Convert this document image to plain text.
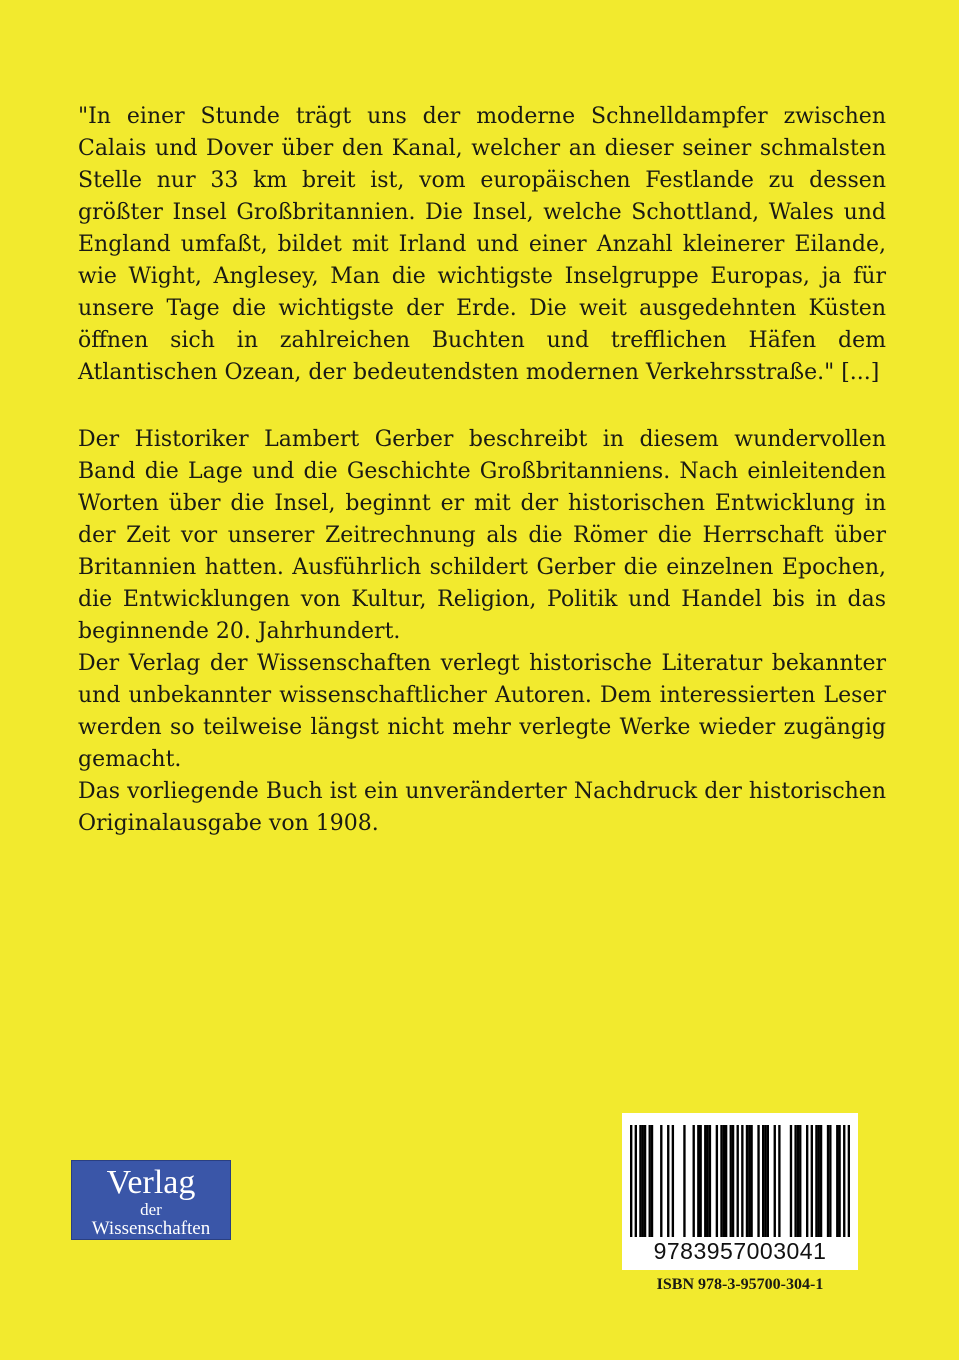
"In einer Stunde trägt uns der moderne Schnelldampfer zwischen Calais und Dover über den Kanal, welcher an dieser seiner schmalsten Stelle nur 33 km breit ist, vom europäischen Festlande zu dessen größter Insel Großbritannien. Die Insel, welche Schottland, Wales und England umfaßt, bildet mit Irland und einer Anzahl kleinerer Eilande, wie Wight, Anglesey, Man die wichtigste Inselgruppe Europas, ja für unsere Tage die wichtigste der Erde. Die weit ausgedehnten Küsten öffnen sich in zahlreichen Buchten und trefflichen Häfen dem Atlantischen Ozean, der bedeutendsten modernen Verkehrsstraße." [...]

Der Historiker Lambert Gerber beschreibt in diesem wundervollen Band die Lage und die Geschichte Großbritanniens. Nach einleitenden Worten über die Insel, beginnt er mit der historischen Entwicklung in der Zeit vor unserer Zeitrechnung als die Römer die Herrschaft über Britannien hatten. Ausführlich schildert Gerber die einzelnen Epochen, die Entwicklungen von Kultur, Religion, Politik und Handel bis in das beginnende 20. Jahrhundert.

Der Verlag der Wissenschaften verlegt historische Literatur bekannter und unbekannter wissenschaftlicher Autoren. Dem interessierten Leser werden so teilweise längst nicht mehr verlegte Werke wieder zugängig gemacht.

Das vorliegende Buch ist ein unveränderter Nachdruck der historischen Originalausgabe von 1908.

Verlag
der
Wissenschaften
9783957003041
ISBN 978-3-95700-304-1
